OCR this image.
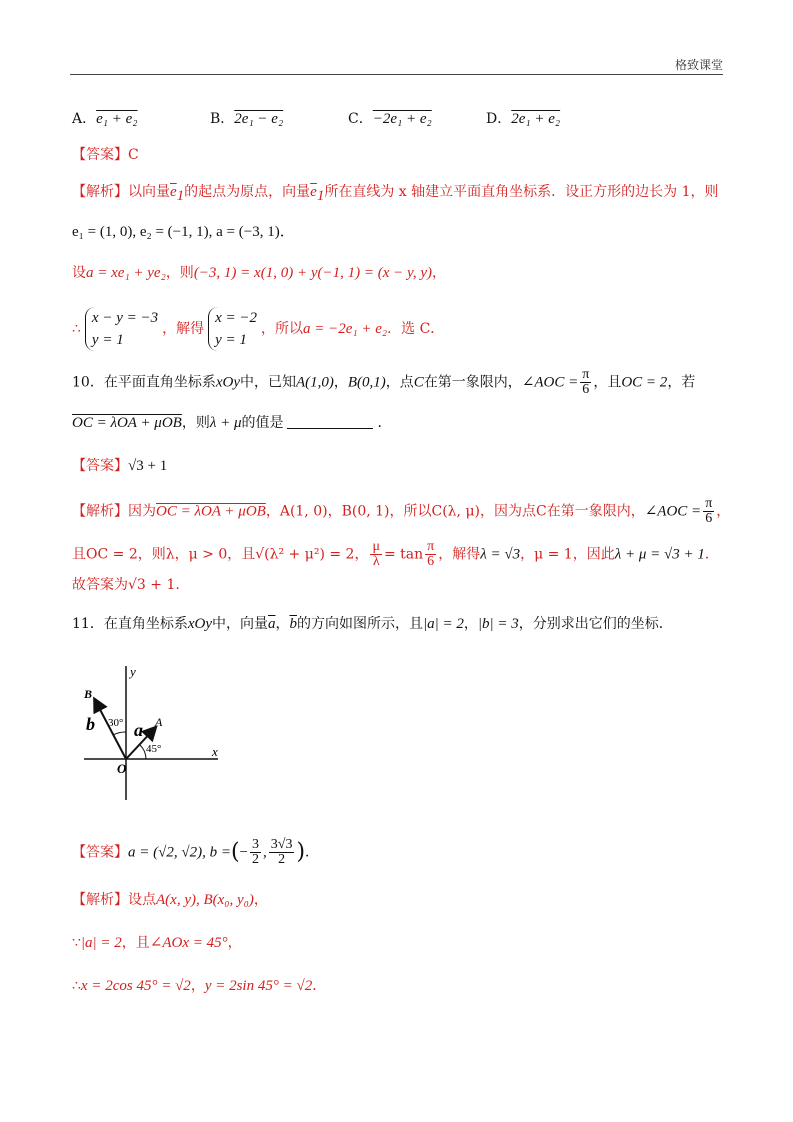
格致课堂
A．e₁ + e₂	B．2e₁ − e₂	C．−2e₁ + e₂	D．2e₁ + e₂
【答案】C
【解析】以向量$\overline{e}_1$的起点为原点，向量$\overline{e}_1$所在直线为 x 轴建立平面直角坐标系．设正方形的边长为 1，则
e₁ = (1, 0), e₂ = (−1, 1), a = (−3, 1)．
设a = xe₁ + ye₂，则(−3, 1) = x(1, 0) + y(−1, 1) = (x − y, y)，
∴
x − y = −3
y = 1
，解得
x = −2
y = 1
，所以a = −2e₁ + e₂．选 C．
10．在平面直角坐标系xOy中，已知A(1,0)，B(0,1)，点C在第一象限内，∠AOC = $\frac{\pi}{6}$ ，且OC = 2，若
OC = λOA + μOB，则λ + μ的值是	．
【答案】√3 + 1
【解析】因为OC = λOA + μOB，A(1, 0)，B(0, 1)，所以C(λ, μ)，因为点C在第一象限内，∠AOC = $\frac{\pi}{6}$ ，
且OC = 2，则λ，μ > 0，且√(λ² + μ²) = 2， $\frac{\mu}{\lambda} = \tan \frac{\pi}{6}$ ，解得λ = √3，μ = 1，因此λ + μ = √3 + 1．
故答案为√3 + 1.
11．在直角坐标系xOy中，向量$\overline{a}$，$\overline{b}$的方向如图所示，且|a| = 2，|b| = 3，分别求出它们的坐标．
y
x
O
A
B
a
b 30°
45°
【答案】a = (√2, √2), b =(− $\frac{3}{2}$ , $\frac{3√3}{2}$ )．
【解析】设点A(x, y), B(x₀, y₀)，
∵|a| = 2，且∠AOx = 45°，
∴x = 2cos 45° = √2，y = 2sin 45° = √2．
